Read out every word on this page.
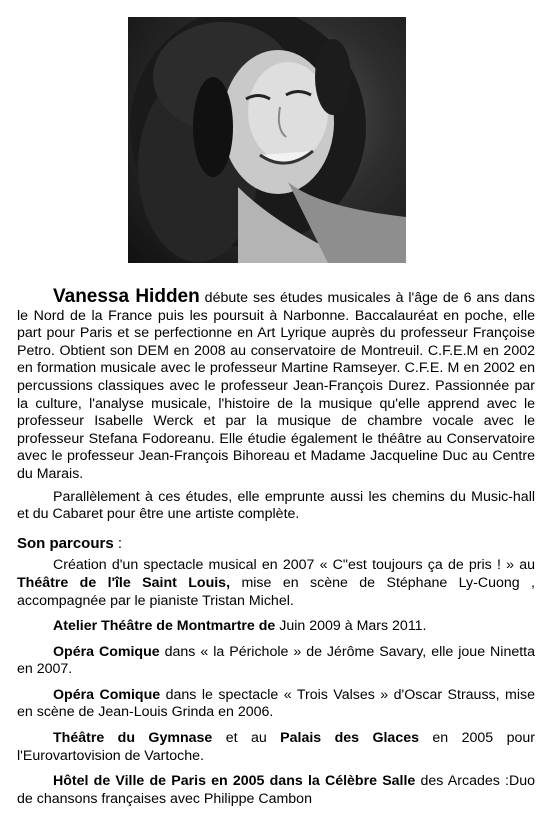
Vanessa Hidden débute ses études musicales à l'âge de 6 ans dans le Nord de la France puis les poursuit à Narbonne. Baccalauréat en poche, elle part pour Paris et se perfectionne en Art Lyrique auprès du professeur Françoise Petro. Obtient son DEM en 2008 au conservatoire de Montreuil. C.F.E.M en 2002 en formation musicale avec le professeur Martine Ramseyer. C.F.E. M en 2002 en percussions classiques avec le professeur Jean-François Durez. Passionnée par la culture, l'analyse musicale, l'histoire de la musique qu'elle apprend avec le professeur Isabelle Werck et par la musique de chambre vocale avec le professeur Stefana Fodoreanu. Elle étudie également le théâtre au Conservatoire avec le professeur Jean-François Bihoreau et Madame Jacqueline Duc au Centre du Marais.

Parallèlement à ces études, elle emprunte aussi les chemins du Music-hall et du Cabaret pour être une artiste complète.

Son parcours :

Création d'un spectacle musical en 2007 « C"est toujours ça de pris ! » au Théâtre de l'île Saint Louis, mise en scène de Stéphane Ly-Cuong , accompagnée par le pianiste Tristan Michel.

Atelier Théâtre de Montmartre de Juin 2009 à Mars 2011.

Opéra Comique dans « la Périchole » de Jérôme Savary, elle joue Ninetta en 2007.

Opéra Comique dans le spectacle « Trois Valses » d'Oscar Strauss, mise en scène de Jean-Louis Grinda en 2006.

Théâtre du Gymnase et au Palais des Glaces en 2005 pour l'Eurovartovision de Vartoche.

Hôtel de Ville de Paris en 2005 dans la Célèbre Salle des Arcades :Duo de chansons françaises avec Philippe Cambon
